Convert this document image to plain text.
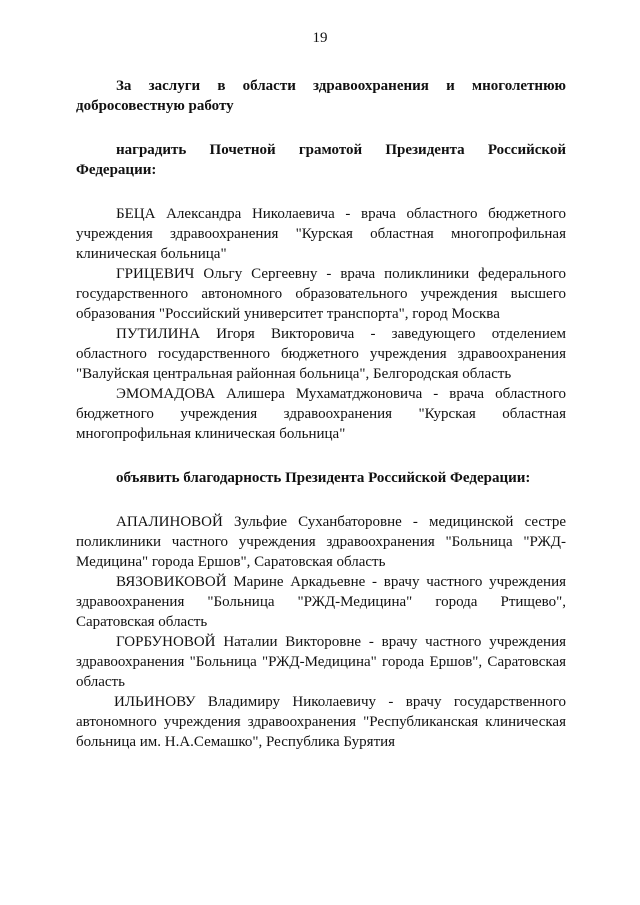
19

За заслуги в области здравоохранения и многолетнюю добросовестную работу

наградить Почетной грамотой Президента Российской Федерации:

БЕЦА Александра Николаевича - врача областного бюджетного учреждения здравоохранения "Курская областная многопрофильная клиническая больница"

ГРИЦЕВИЧ Ольгу Сергеевну - врача поликлиники федерального государственного автономного образовательного учреждения высшего образования "Российский университет транспорта", город Москва

ПУТИЛИНА Игоря Викторовича - заведующего отделением областного государственного бюджетного учреждения здравоохранения "Валуйская центральная районная больница", Белгородская область

ЭМОМАДОВА Алишера Мухаматджоновича - врача областного бюджетного учреждения здравоохранения "Курская областная многопрофильная клиническая больница"

объявить благодарность Президента Российской Федерации:

АПАЛИНОВОЙ Зульфие Суханбаторовне - медицинской сестре поликлиники частного учреждения здравоохранения "Больница "РЖД-Медицина" города Ершов", Саратовская область

ВЯЗОВИКОВОЙ Марине Аркадьевне - врачу частного учреждения здравоохранения "Больница "РЖД-Медицина" города Ртищево", Саратовская область

ГОРБУНОВОЙ Наталии Викторовне - врачу частного учреждения здравоохранения "Больница "РЖД-Медицина" города Ершов", Саратовская область

ИЛЬИНОВУ Владимиру Николаевичу - врачу государственного автономного учреждения здравоохранения "Республиканская клиническая больница им. Н.А.Семашко", Республика Бурятия
